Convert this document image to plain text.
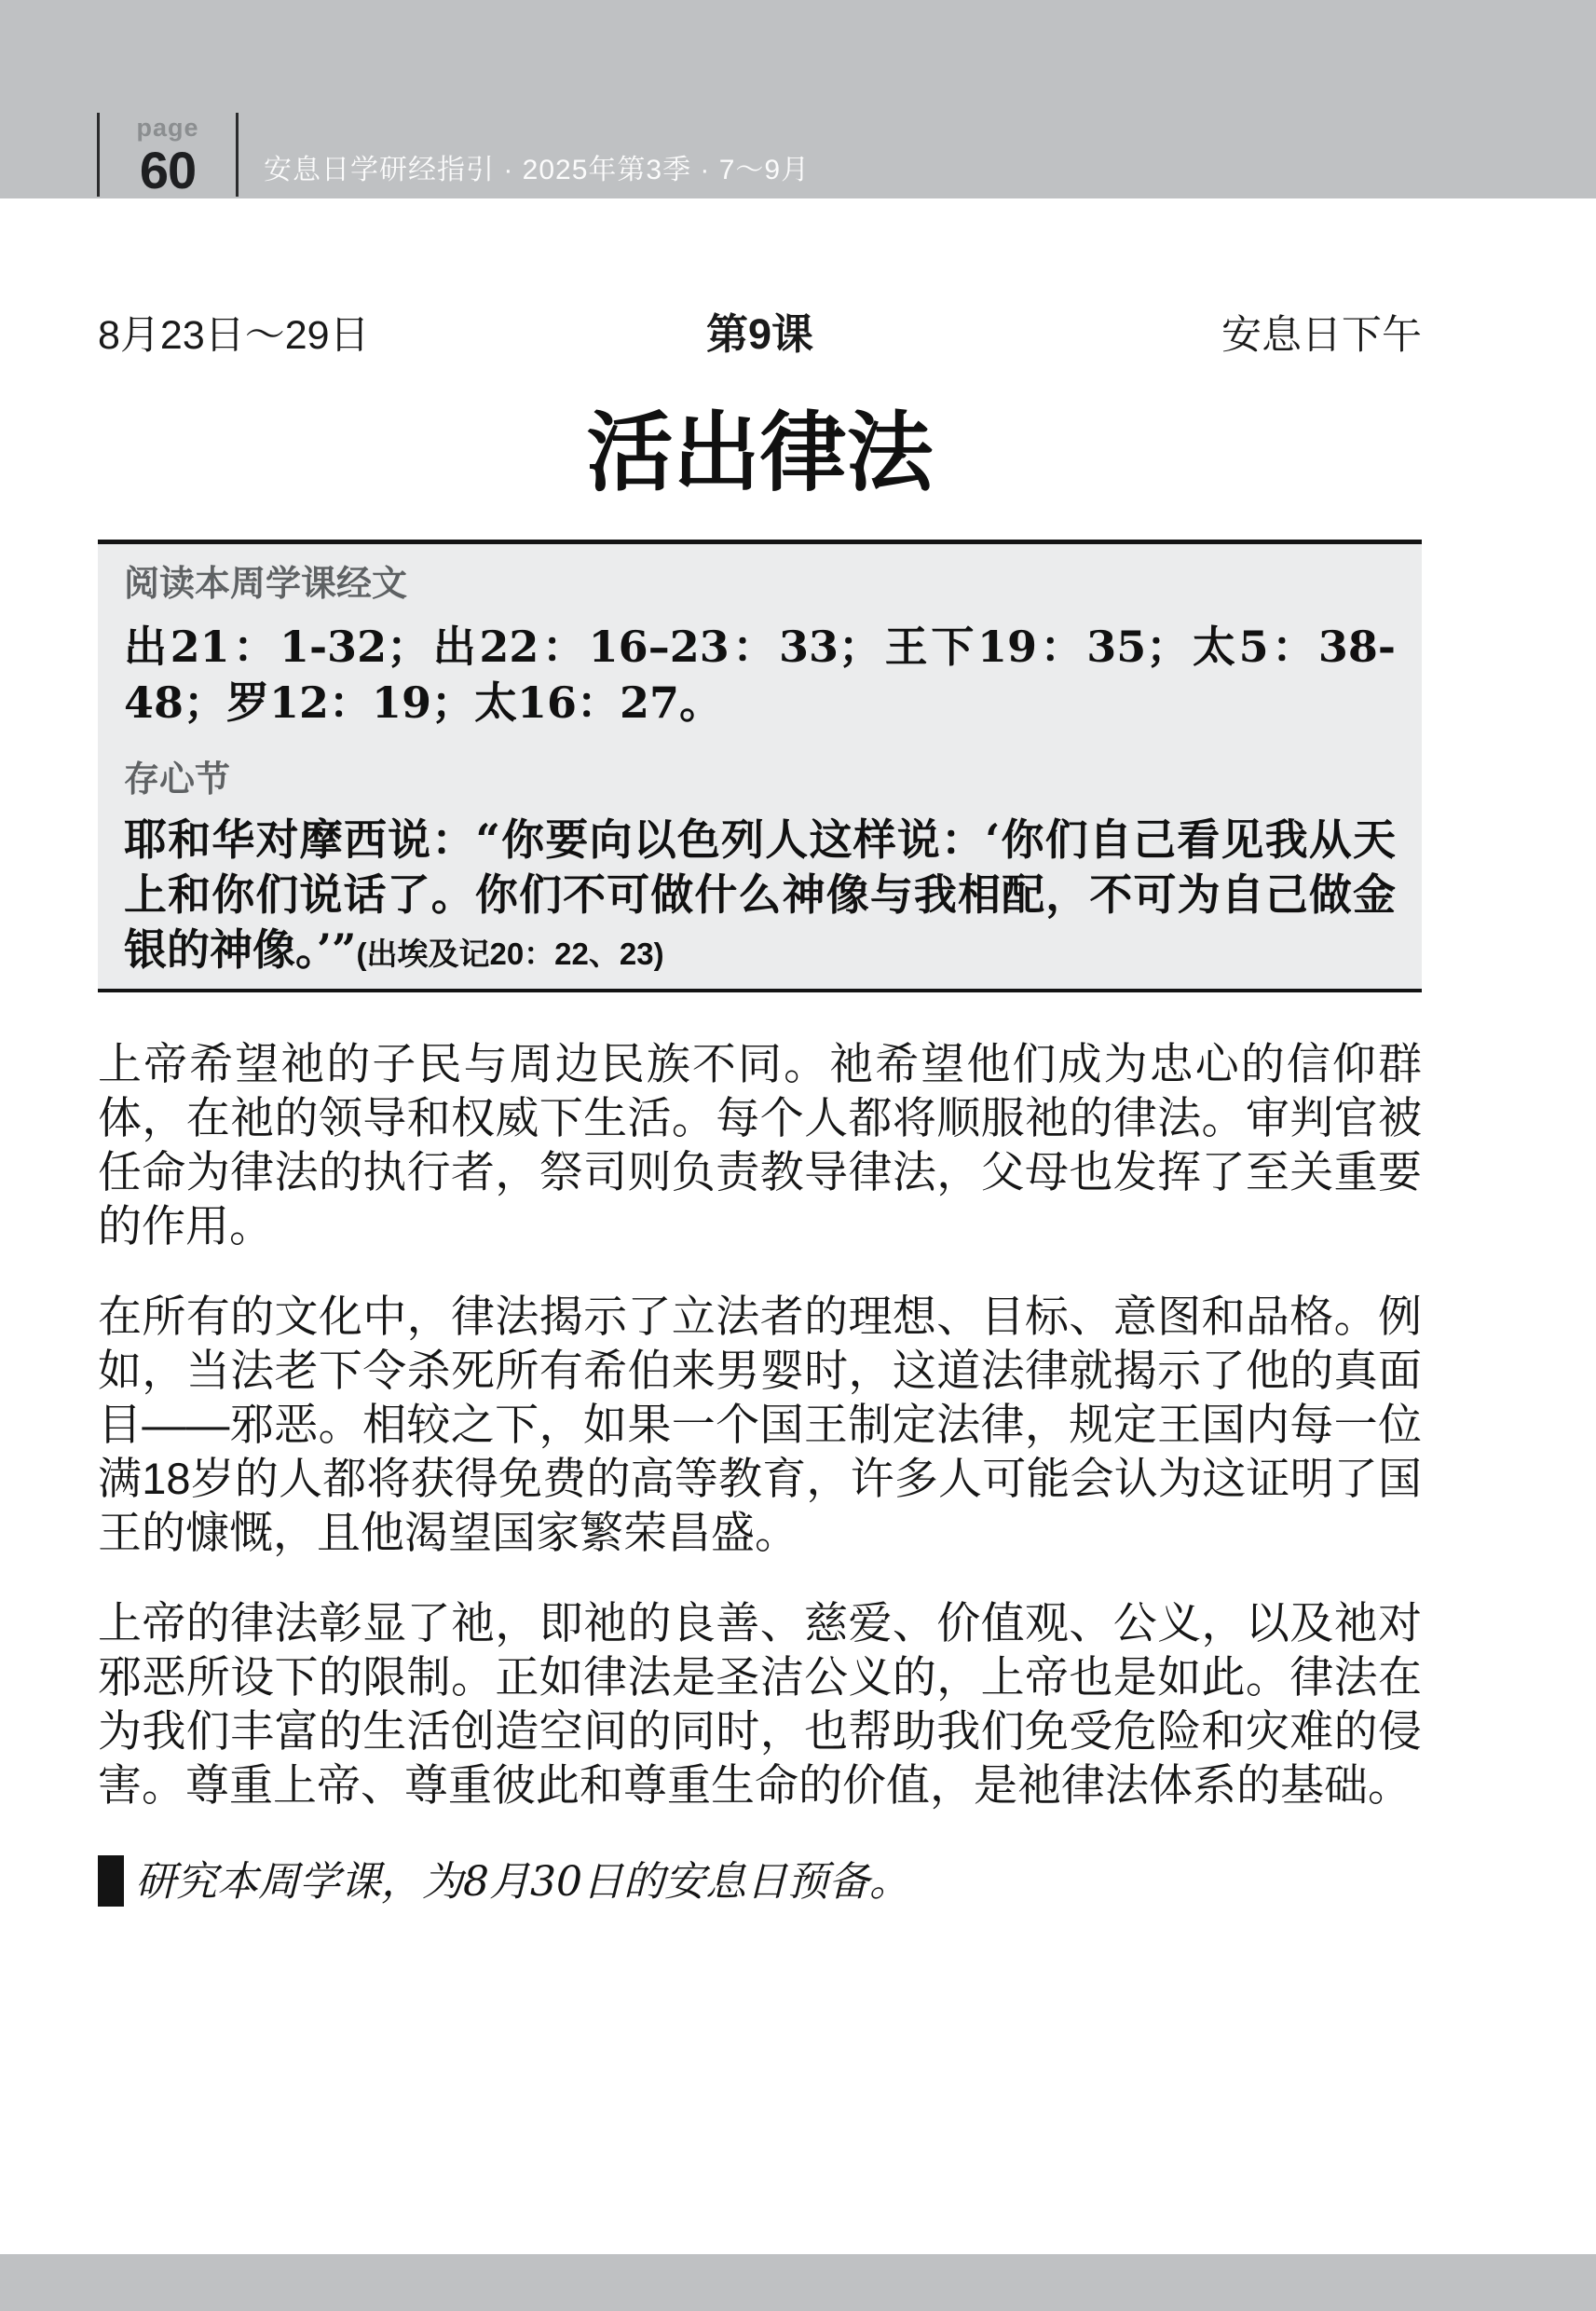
page
60 安息日学研经指引 · 2025年第3季 · 7～9月
8月23日～29日	第9课	安息日下午
活出律法
阅读本周学课经文

出21：1-32；出22：16–23：33；王下19：35；太5：38-48；罗12：19；太16：27。

存心节

耶和华对摩西说：“你要向以色列人这样说：‘你们自己看见我从天上和你们说话了。你们不可做什么神像与我相配，不可为自己做金银的神像。’”(出埃及记20：22、23)

上帝希望祂的子民与周边民族不同。祂希望他们成为忠心的信仰群体，在祂的领导和权威下生活。每个人都将顺服祂的律法。审判官被任命为律法的执行者，祭司则负责教导律法，父母也发挥了至关重要的作用。

在所有的文化中，律法揭示了立法者的理想、目标、意图和品格。例如，当法老下令杀死所有希伯来男婴时，这道法律就揭示了他的真面目——邪恶。相较之下，如果一个国王制定法律，规定王国内每一位满18岁的人都将获得免费的高等教育，许多人可能会认为这证明了国王的慷慨，且他渴望国家繁荣昌盛。

上帝的律法彰显了祂，即祂的良善、慈爱、价值观、公义，以及祂对邪恶所设下的限制。正如律法是圣洁公义的，上帝也是如此。律法在为我们丰富的生活创造空间的同时，也帮助我们免受危险和灾难的侵害。尊重上帝、尊重彼此和尊重生命的价值，是祂律法体系的基础。

研究本周学课，为8月30日的安息日预备。
